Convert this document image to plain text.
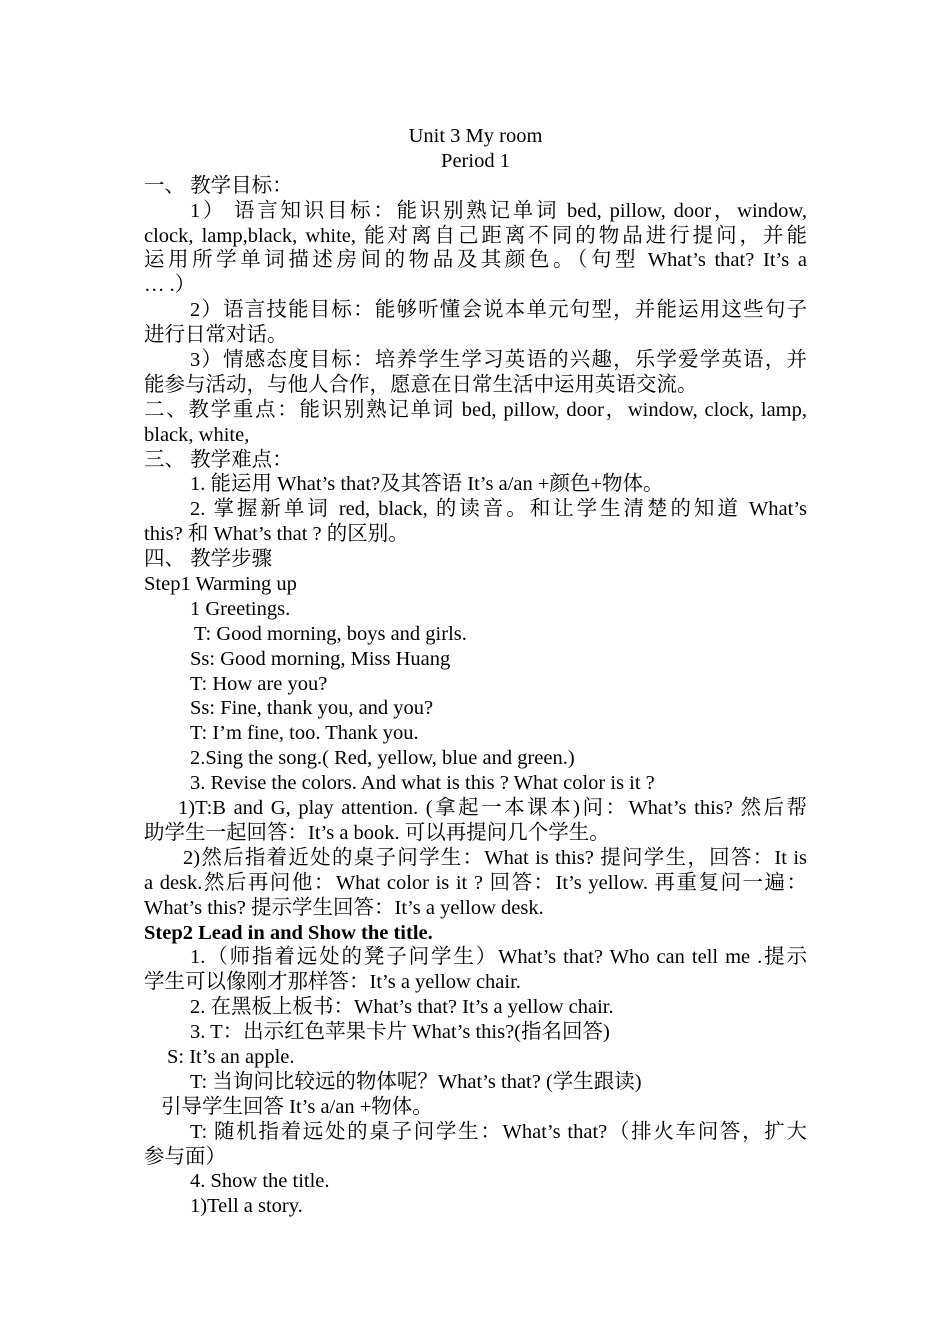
Unit 3 My room
Period 1
一、 教学目标：
1） 语言知识目标：能识别熟记单词 bed, pillow, door，window,
clock, lamp,black, white, 能对离自己距离不同的物品进行提问，并能
运用所学单词描述房间的物品及其颜色。（句型 What’s that? It’s a
… .）
2）语言技能目标：能够听懂会说本单元句型，并能运用这些句子
进行日常对话。
3）情感态度目标：培养学生学习英语的兴趣，乐学爱学英语，并
能参与活动，与他人合作，愿意在日常生活中运用英语交流。
二、教学重点：能识别熟记单词 bed, pillow, door，window, clock, lamp,
black, white,
三、 教学难点：
1. 能运用 What’s that?及其答语 It’s a/an +颜色+物体。
2. 掌握新单词 red, black, 的读音。和让学生清楚的知道 What’s
this? 和 What’s that ? 的区别。
四、 教学步骤
Step1 Warming up
1 Greetings.
T: Good morning, boys and girls.
Ss: Good morning, Miss Huang
T: How are you?
Ss: Fine, thank you, and you?
T: I’m fine, too. Thank you.
2.Sing the song.( Red, yellow, blue and green.)
3. Revise the colors. And what is this ? What color is it ?
1)T:B and G, play attention. (拿起一本课本)问：What’s this? 然后帮
助学生一起回答：It’s a book. 可以再提问几个学生。
2)然后指着近处的桌子问学生：What is this? 提问学生，回答：It is
a desk.然后再问他：What color is it ? 回答：It’s yellow. 再重复问一遍：
What’s this? 提示学生回答：It’s a yellow desk.
Step2 Lead in and Show the title.
1.（师指着远处的凳子问学生）What’s that? Who can tell me .提示
学生可以像刚才那样答：It’s a yellow chair.
2. 在黑板上板书：What’s that? It’s a yellow chair.
3. T：出示红色苹果卡片 What’s this?(指名回答)
S: It’s an apple.
T: 当询问比较远的物体呢？What’s that? (学生跟读)
引导学生回答 It’s a/an +物体。
T: 随机指着远处的桌子问学生：What’s that?（排火车问答，扩大
参与面）
4. Show the title.
1)Tell a story.
